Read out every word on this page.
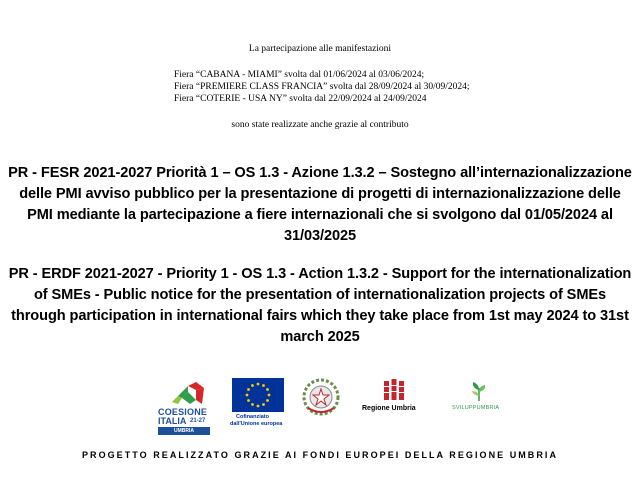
La partecipazione alle manifestazioni
Fiera “CABANA - MIAMI” svolta dal 01/06/2024 al 03/06/2024;
Fiera “PREMIERE CLASS FRANCIA” svolta dal 28/09/2024 al 30/09/2024;
Fiera “COTERIE - USA NY” svolta dal 22/09/2024 al 24/09/2024
sono state realizzate anche grazie al contributo
PR - FESR 2021-2027 Priorità 1 – OS 1.3 - Azione 1.3.2 – Sostegno all’internazionalizzazione delle PMI avviso pubblico per la presentazione di progetti di internazionalizzazione delle PMI mediante la partecipazione a fiere internazionali che si svolgono dal 01/05/2024 al 31/03/2025
PR - ERDF 2021-2027 - Priority 1 - OS 1.3 - Action 1.3.2 - Support for the internationalization of SMEs - Public notice for the presentation of internationalization projects of SMEs through participation in international fairs which they take place from 1st may 2024 to 31st march 2025
COESIONE
ITALIA 21-27
UMBRIA
Cofinanziato
dall'Unione europea
Regione Umbria	SVILUPPUMBRIA
PROGETTO REALIZZATO GRAZIE AI FONDI EUROPEI DELLA REGIONE UMBRIA
